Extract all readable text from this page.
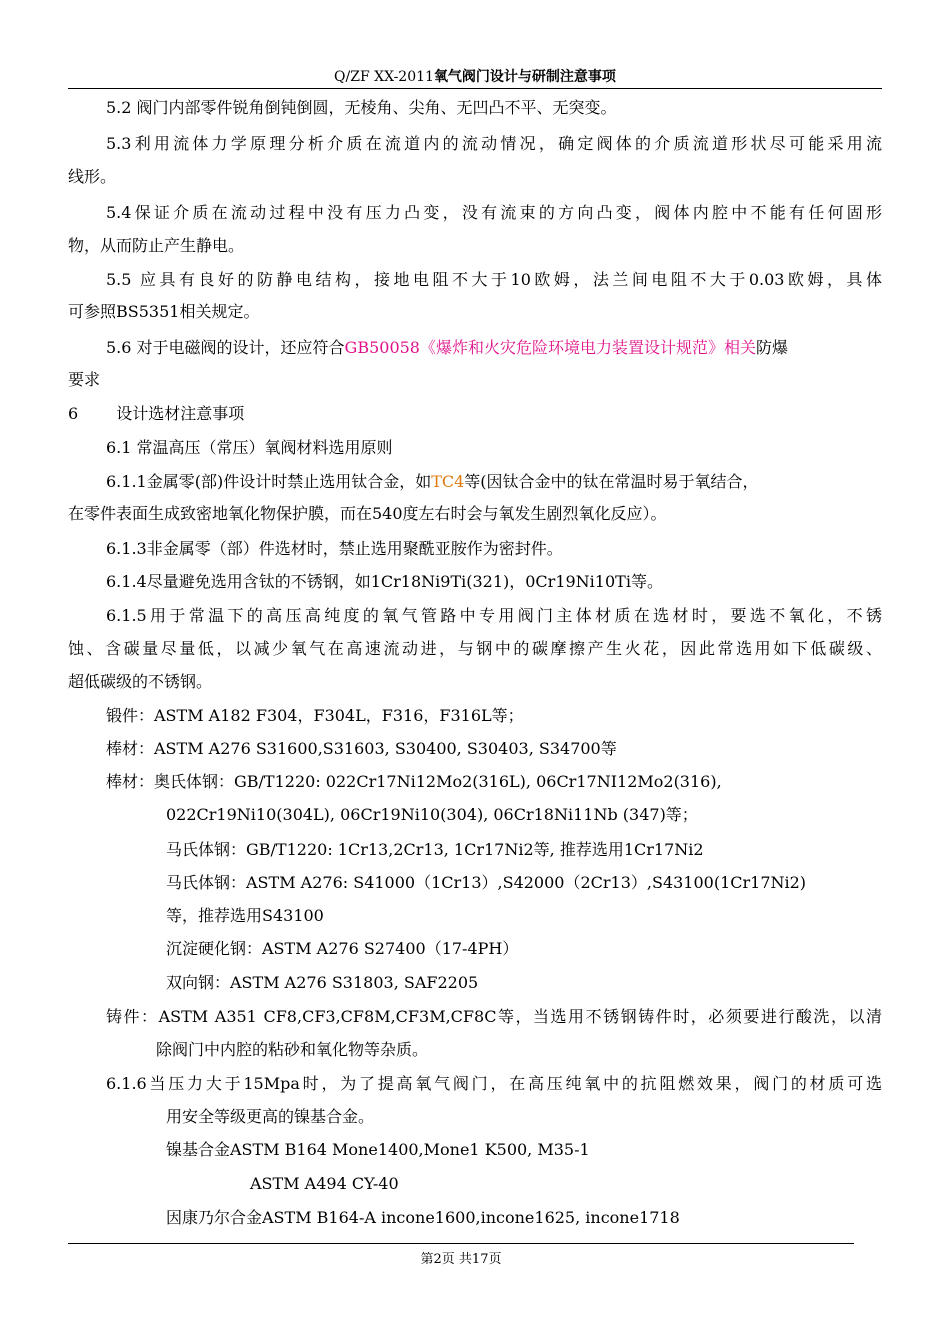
Q/ZF XX-2011氧气阀门设计与研制注意事项
5.2 阀门内部零件锐角倒钝倒圆，无棱角、尖角、无凹凸不平、无突变。
5.3利用流体力学原理分析介质在流道内的流动情况，确定阀体的介质流道形状尽可能采用流
线形。
5.4保证介质在流动过程中没有压力凸变，没有流束的方向凸变，阀体内腔中不能有任何固形
物，从而防止产生静电。
5.5 应具有良好的防静电结构，接地电阻不大于10欧姆，法兰间电阻不大于0.03欧姆，具体
可参照BS5351相关规定。
5.6 对于电磁阀的设计，还应符合GB50058《爆炸和火灾危险环境电力装置设计规范》相关防爆
要求
6 设计选材注意事项
6.1 常温高压（常压）氧阀材料选用原则
6.1.1金属零(部)件设计时禁止选用钛合金，如TC4等(因钛合金中的钛在常温时易于氧结合，
在零件表面生成致密地氧化物保护膜，而在540度左右时会与氧发生剧烈氧化反应）。
6.1.3非金属零（部）件选材时，禁止选用聚酰亚胺作为密封件。
6.1.4尽量避免选用含钛的不锈钢，如1Cr18Ni9Ti(321)，0Cr19Ni10Ti等。
6.1.5用于常温下的高压高纯度的氧气管路中专用阀门主体材质在选材时，要选不氧化，不锈
蚀、含碳量尽量低，以减少氧气在高速流动进，与钢中的碳摩擦产生火花，因此常选用如下低碳级、
超低碳级的不锈钢。
锻件：ASTM A182 F304，F304L，F316，F316L等；
棒材：ASTM A276 S31600,S31603, S30400, S30403, S34700等
棒材：奥氏体钢：GB/T1220: 022Cr17Ni12Mo2(316L), 06Cr17NI12Mo2(316),
022Cr19Ni10(304L), 06Cr19Ni10(304), 06Cr18Ni11Nb (347)等；
马氏体钢：GB/T1220: 1Cr13,2Cr13, 1Cr17Ni2等, 推荐选用1Cr17Ni2
马氏体钢：ASTM A276: S41000（1Cr13）,S42000（2Cr13）,S43100(1Cr17Ni2)
等，推荐选用S43100
沉淀硬化钢：ASTM A276 S27400（17-4PH）
双向钢：ASTM A276 S31803, SAF2205
铸件：ASTM A351 CF8,CF3,CF8M,CF3M,CF8C等，当选用不锈钢铸件时，必须要进行酸洗，以清
除阀门中内腔的粘砂和氧化物等杂质。
6.1.6当压力大于15Mpa时，为了提高氧气阀门，在高压纯氧中的抗阻燃效果，阀门的材质可选
用安全等级更高的镍基合金。
镍基合金ASTM B164 Mone1400,Mone1 K500, M35-1
ASTM A494 CY-40
因康乃尔合金ASTM B164-A incone1600,incone1625, incone1718
第2页 共17页
